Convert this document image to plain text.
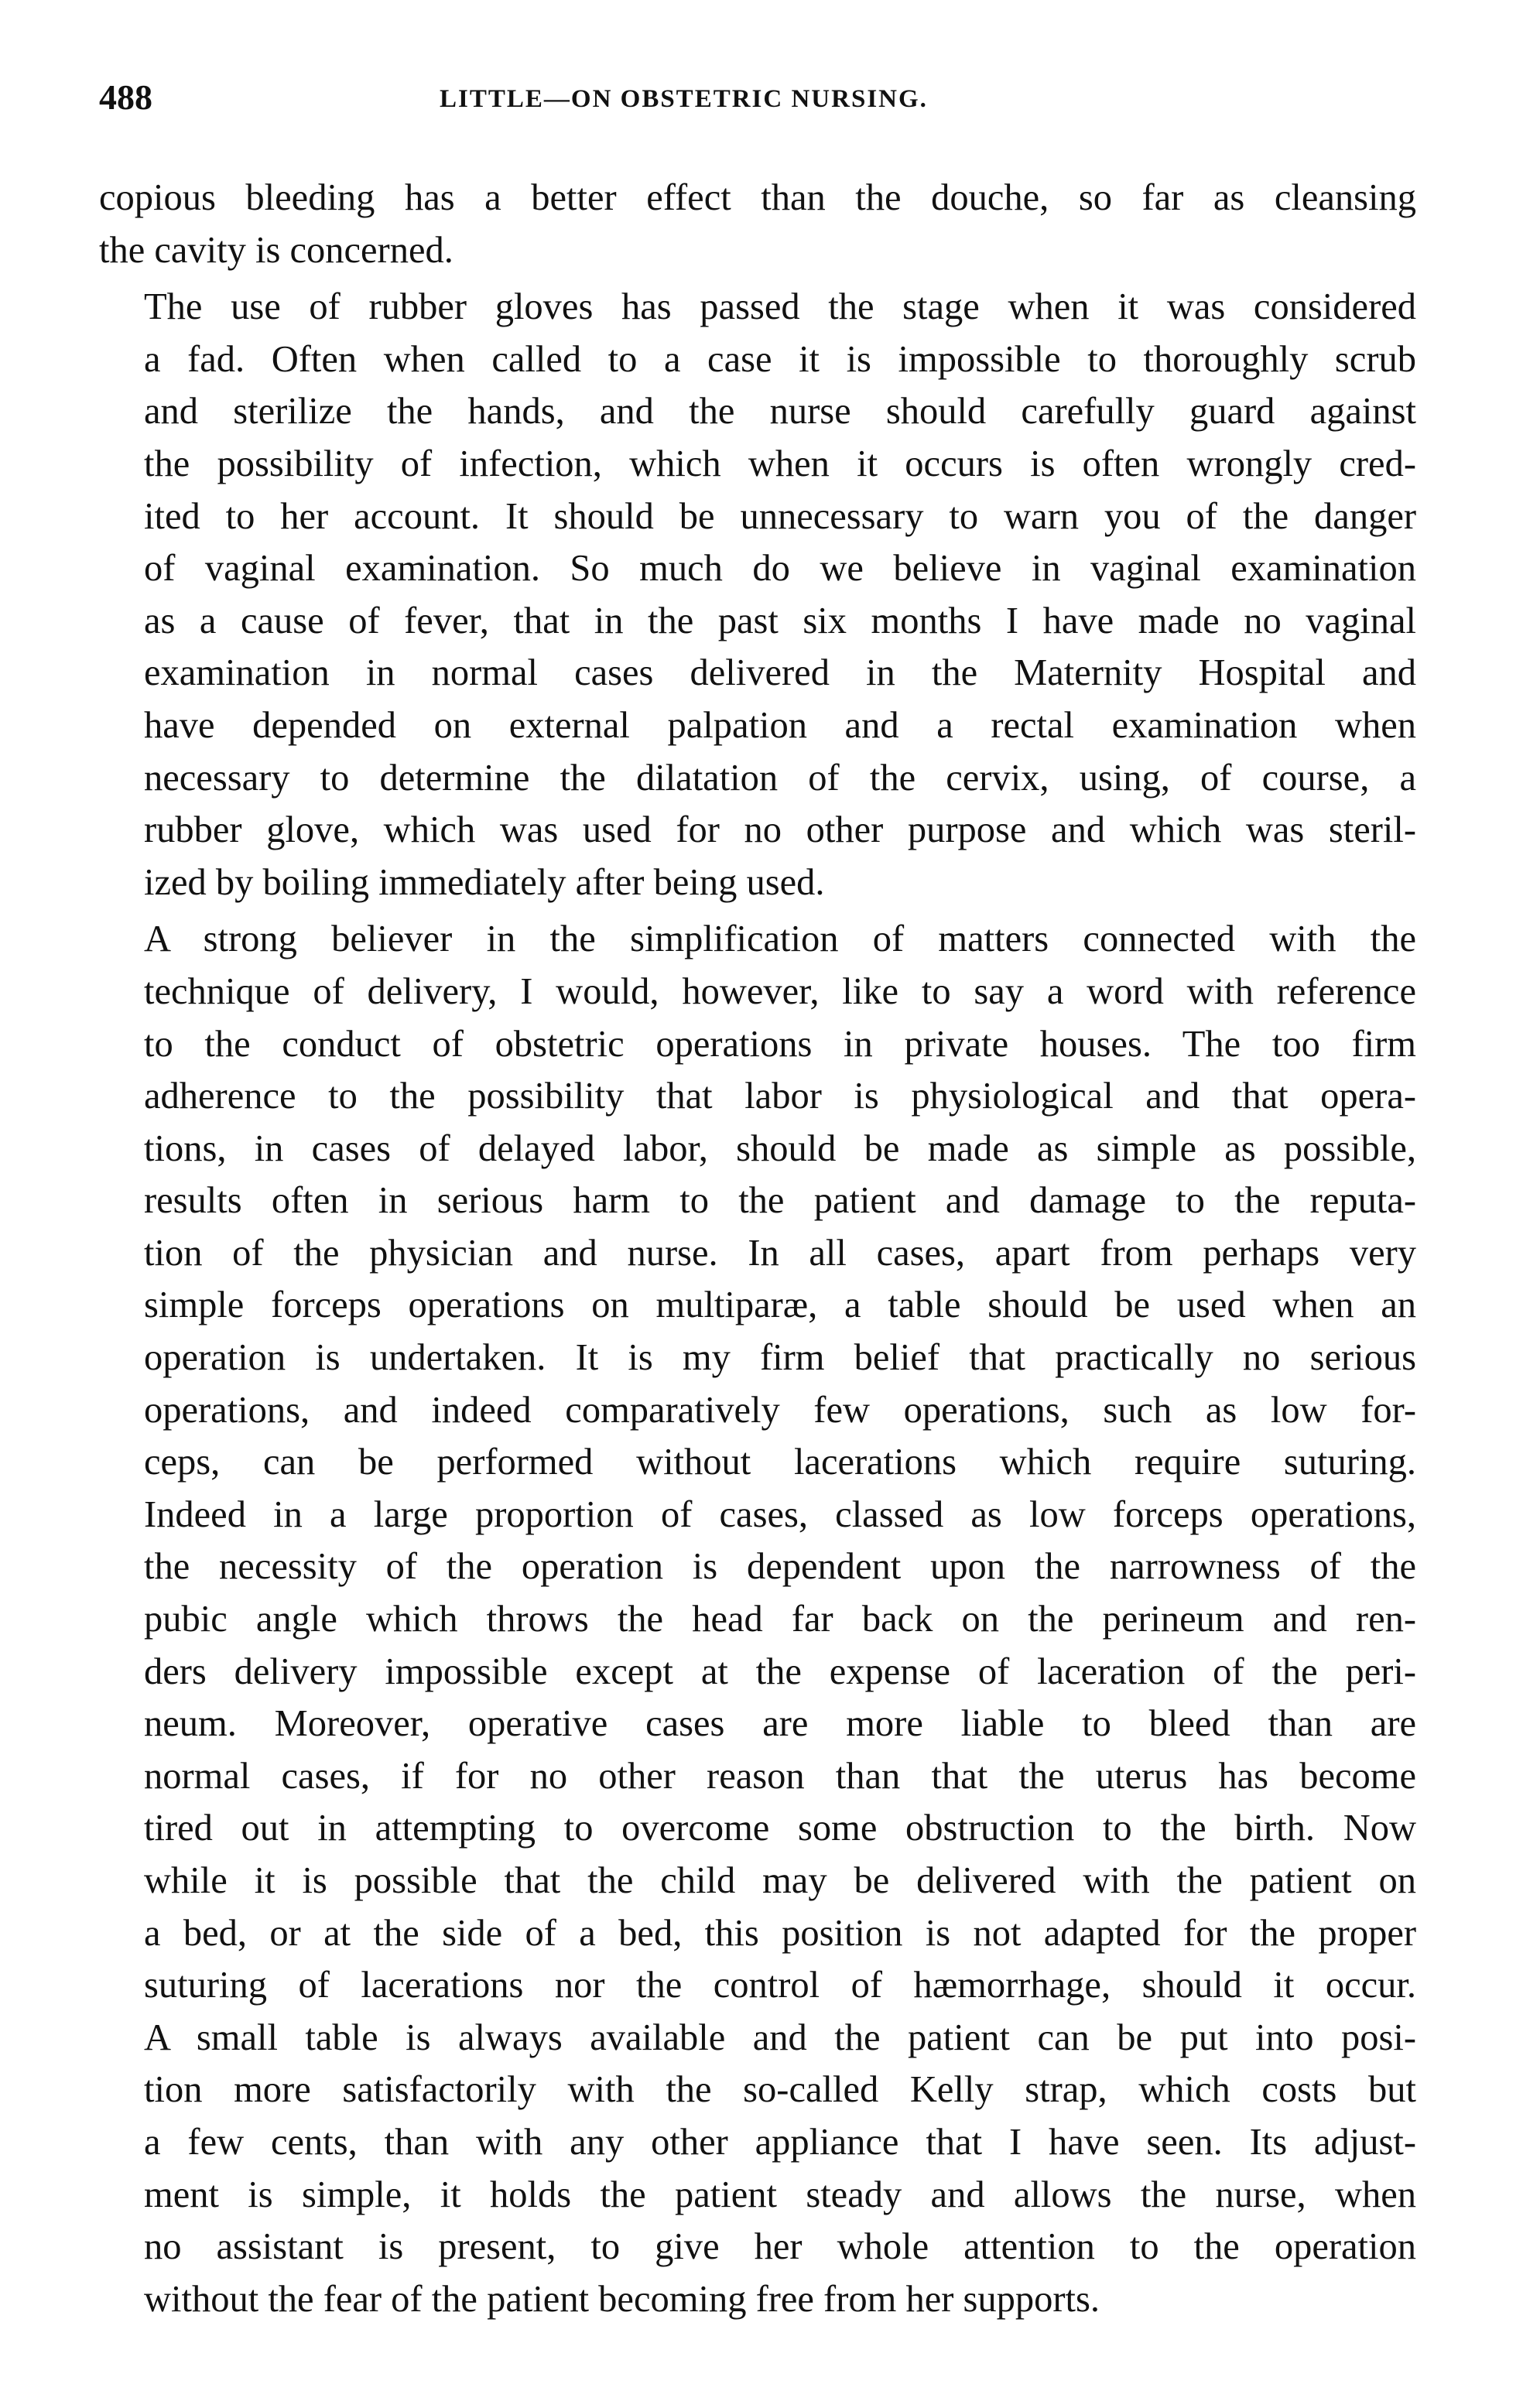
488	LITTLE—ON OBSTETRIC NURSING.

copious bleeding has a better effect than the douche, so far as cleansing
the cavity is concerned.

The use of rubber gloves has passed the stage when it was considered
a fad. Often when called to a case it is impossible to thoroughly scrub
and sterilize the hands, and the nurse should carefully guard against
the possibility of infection, which when it occurs is often wrongly cred-
ited to her account. It should be unnecessary to warn you of the danger
of vaginal examination. So much do we believe in vaginal examination
as a cause of fever, that in the past six months I have made no vaginal
examination in normal cases delivered in the Maternity Hospital and
have depended on external palpation and a rectal examination when
necessary to determine the dilatation of the cervix, using, of course, a
rubber glove, which was used for no other purpose and which was steril-
ized by boiling immediately after being used.

A strong believer in the simplification of matters connected with the
technique of delivery, I would, however, like to say a word with reference
to the conduct of obstetric operations in private houses. The too firm
adherence to the possibility that labor is physiological and that opera-
tions, in cases of delayed labor, should be made as simple as possible,
results often in serious harm to the patient and damage to the reputa-
tion of the physician and nurse. In all cases, apart from perhaps very
simple forceps operations on multiparæ, a table should be used when an
operation is undertaken. It is my firm belief that practically no serious
operations, and indeed comparatively few operations, such as low for-
ceps, can be performed without lacerations which require suturing.
Indeed in a large proportion of cases, classed as low forceps operations,
the necessity of the operation is dependent upon the narrowness of the
pubic angle which throws the head far back on the perineum and ren-
ders delivery impossible except at the expense of laceration of the peri-
neum. Moreover, operative cases are more liable to bleed than are
normal cases, if for no other reason than that the uterus has become
tired out in attempting to overcome some obstruction to the birth. Now
while it is possible that the child may be delivered with the patient on
a bed, or at the side of a bed, this position is not adapted for the proper
suturing of lacerations nor the control of hæmorrhage, should it occur.
A small table is always available and the patient can be put into posi-
tion more satisfactorily with the so-called Kelly strap, which costs but
a few cents, than with any other appliance that I have seen. Its adjust-
ment is simple, it holds the patient steady and allows the nurse, when
no assistant is present, to give her whole attention to the operation
without the fear of the patient becoming free from her supports.
